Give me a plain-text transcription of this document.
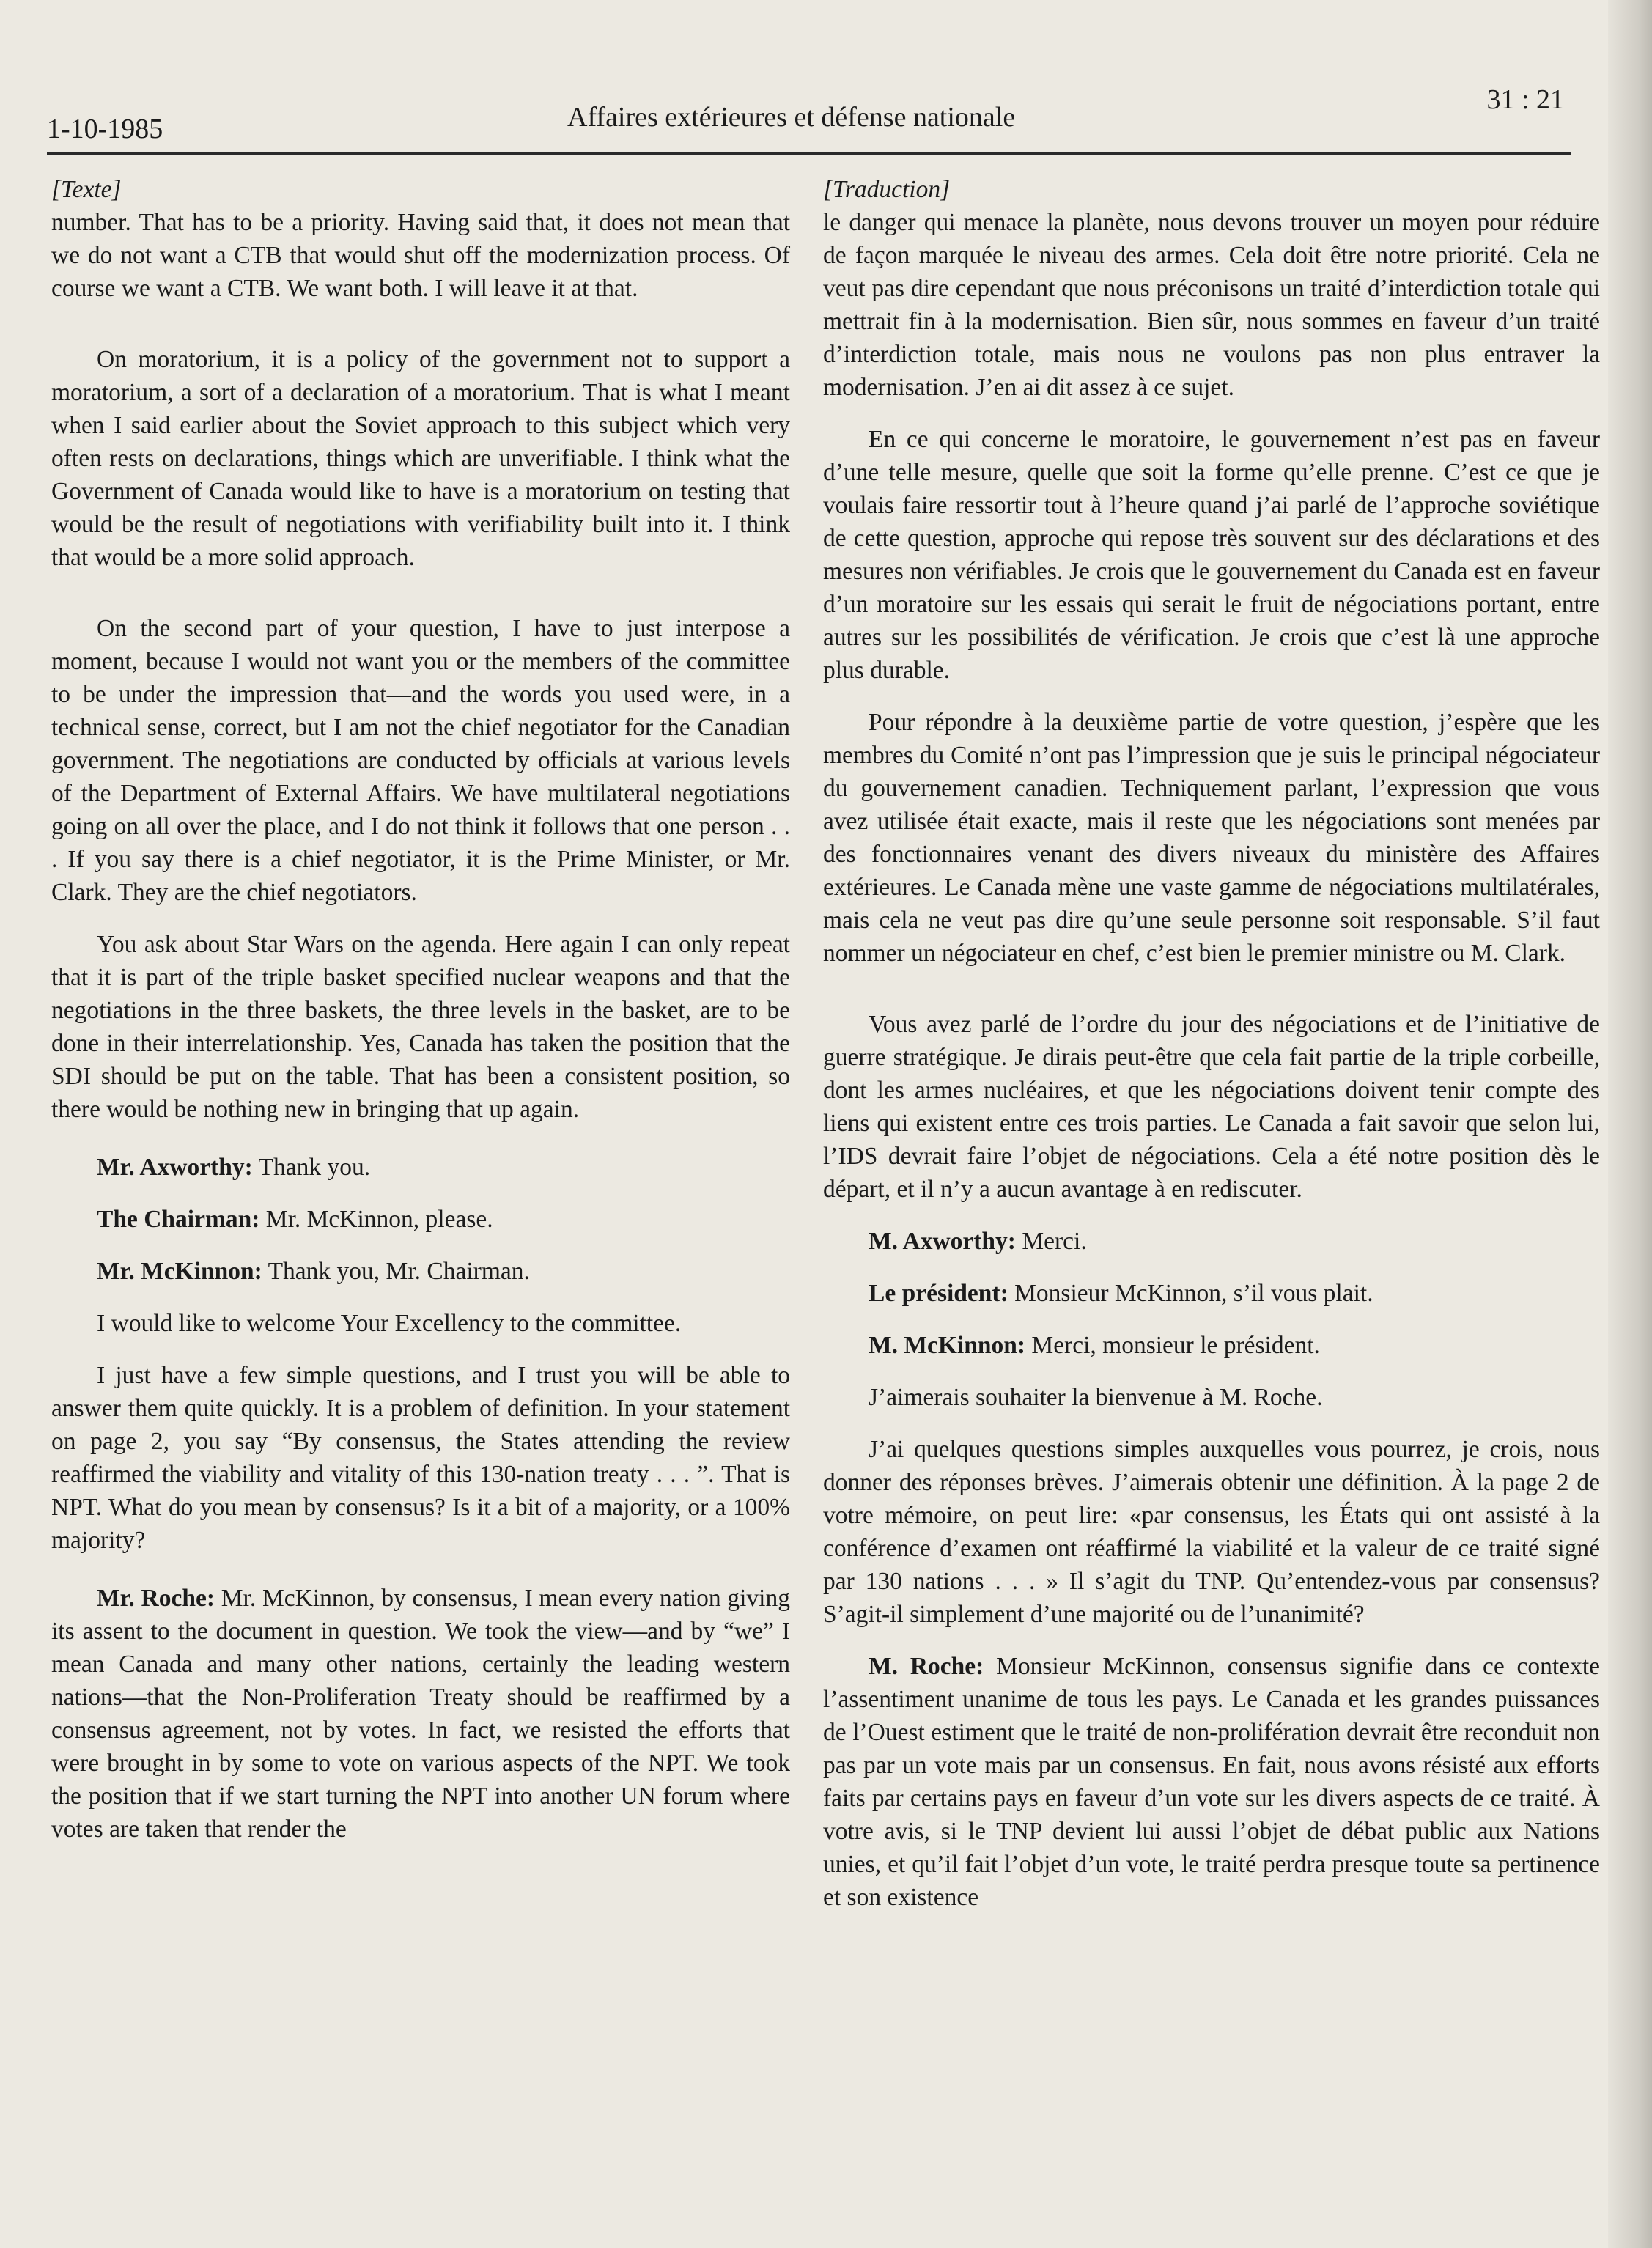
1-10-1985	Affaires extérieures et défense nationale
31 : 21

[Texte]

number. That has to be a priority. Having said that, it does not mean that we do not want a CTB that would shut off the modernization process. Of course we want a CTB. We want both. I will leave it at that.

On moratorium, it is a policy of the government not to support a moratorium, a sort of a declaration of a moratorium. That is what I meant when I said earlier about the Soviet approach to this subject which very often rests on declarations, things which are unverifiable. I think what the Government of Canada would like to have is a moratorium on testing that would be the result of negotiations with verifiability built into it. I think that would be a more solid approach.

On the second part of your question, I have to just interpose a moment, because I would not want you or the members of the committee to be under the impression that—and the words you used were, in a technical sense, correct, but I am not the chief negotiator for the Canadian government. The negotiations are conducted by officials at various levels of the Department of External Affairs. We have multilateral negotiations going on all over the place, and I do not think it follows that one person . . . If you say there is a chief negotiator, it is the Prime Minister, or Mr. Clark. They are the chief negotiators.

You ask about Star Wars on the agenda. Here again I can only repeat that it is part of the triple basket specified nuclear weapons and that the negotiations in the three baskets, the three levels in the basket, are to be done in their interrelationship. Yes, Canada has taken the position that the SDI should be put on the table. That has been a consistent position, so there would be nothing new in bringing that up again.

Mr. Axworthy: Thank you.

The Chairman: Mr. McKinnon, please.

Mr. McKinnon: Thank you, Mr. Chairman.

I would like to welcome Your Excellency to the committee.

I just have a few simple questions, and I trust you will be able to answer them quite quickly. It is a problem of definition. In your statement on page 2, you say “By consensus, the States attending the review reaffirmed the viability and vitality of this 130-nation treaty . . . ”. That is NPT. What do you mean by consensus? Is it a bit of a majority, or a 100% majority?

Mr. Roche: Mr. McKinnon, by consensus, I mean every nation giving its assent to the document in question. We took the view—and by “we” I mean Canada and many other nations, certainly the leading western nations—that the Non-Proliferation Treaty should be reaffirmed by a consensus agreement, not by votes. In fact, we resisted the efforts that were brought in by some to vote on various aspects of the NPT. We took the position that if we start turning the NPT into another UN forum where votes are taken that render the

[Traduction]

le danger qui menace la planète, nous devons trouver un moyen pour réduire de façon marquée le niveau des armes. Cela doit être notre priorité. Cela ne veut pas dire cependant que nous préconisons un traité d’interdiction totale qui mettrait fin à la modernisation. Bien sûr, nous sommes en faveur d’un traité d’interdiction totale, mais nous ne voulons pas non plus entraver la modernisation. J’en ai dit assez à ce sujet.

En ce qui concerne le moratoire, le gouvernement n’est pas en faveur d’une telle mesure, quelle que soit la forme qu’elle prenne. C’est ce que je voulais faire ressortir tout à l’heure quand j’ai parlé de l’approche soviétique de cette question, approche qui repose très souvent sur des déclarations et des mesures non vérifiables. Je crois que le gouvernement du Canada est en faveur d’un moratoire sur les essais qui serait le fruit de négociations portant, entre autres sur les possibilités de vérification. Je crois que c’est là une approche plus durable.

Pour répondre à la deuxième partie de votre question, j’espère que les membres du Comité n’ont pas l’impression que je suis le principal négociateur du gouvernement canadien. Techniquement parlant, l’expression que vous avez utilisée était exacte, mais il reste que les négociations sont menées par des fonctionnaires venant des divers niveaux du ministère des Affaires extérieures. Le Canada mène une vaste gamme de négociations multilatérales, mais cela ne veut pas dire qu’une seule personne soit responsable. S’il faut nommer un négociateur en chef, c’est bien le premier ministre ou M. Clark.

Vous avez parlé de l’ordre du jour des négociations et de l’initiative de guerre stratégique. Je dirais peut-être que cela fait partie de la triple corbeille, dont les armes nucléaires, et que les négociations doivent tenir compte des liens qui existent entre ces trois parties. Le Canada a fait savoir que selon lui, l’IDS devrait faire l’objet de négociations. Cela a été notre position dès le départ, et il n’y a aucun avantage à en rediscuter.

M. Axworthy: Merci.

Le président: Monsieur McKinnon, s’il vous plait.

M. McKinnon: Merci, monsieur le président.

J’aimerais souhaiter la bienvenue à M. Roche.

J’ai quelques questions simples auxquelles vous pourrez, je crois, nous donner des réponses brèves. J’aimerais obtenir une définition. À la page 2 de votre mémoire, on peut lire: «par consensus, les États qui ont assisté à la conférence d’examen ont réaffirmé la viabilité et la valeur de ce traité signé par 130 nations . . . » Il s’agit du TNP. Qu’entendez-vous par consensus? S’agit-il simplement d’une majorité ou de l’unanimité?

M. Roche: Monsieur McKinnon, consensus signifie dans ce contexte l’assentiment unanime de tous les pays. Le Canada et les grandes puissances de l’Ouest estiment que le traité de non-prolifération devrait être reconduit non pas par un vote mais par un consensus. En fait, nous avons résisté aux efforts faits par certains pays en faveur d’un vote sur les divers aspects de ce traité. À votre avis, si le TNP devient lui aussi l’objet de débat public aux Nations unies, et qu’il fait l’objet d’un vote, le traité perdra presque toute sa pertinence et son existence
